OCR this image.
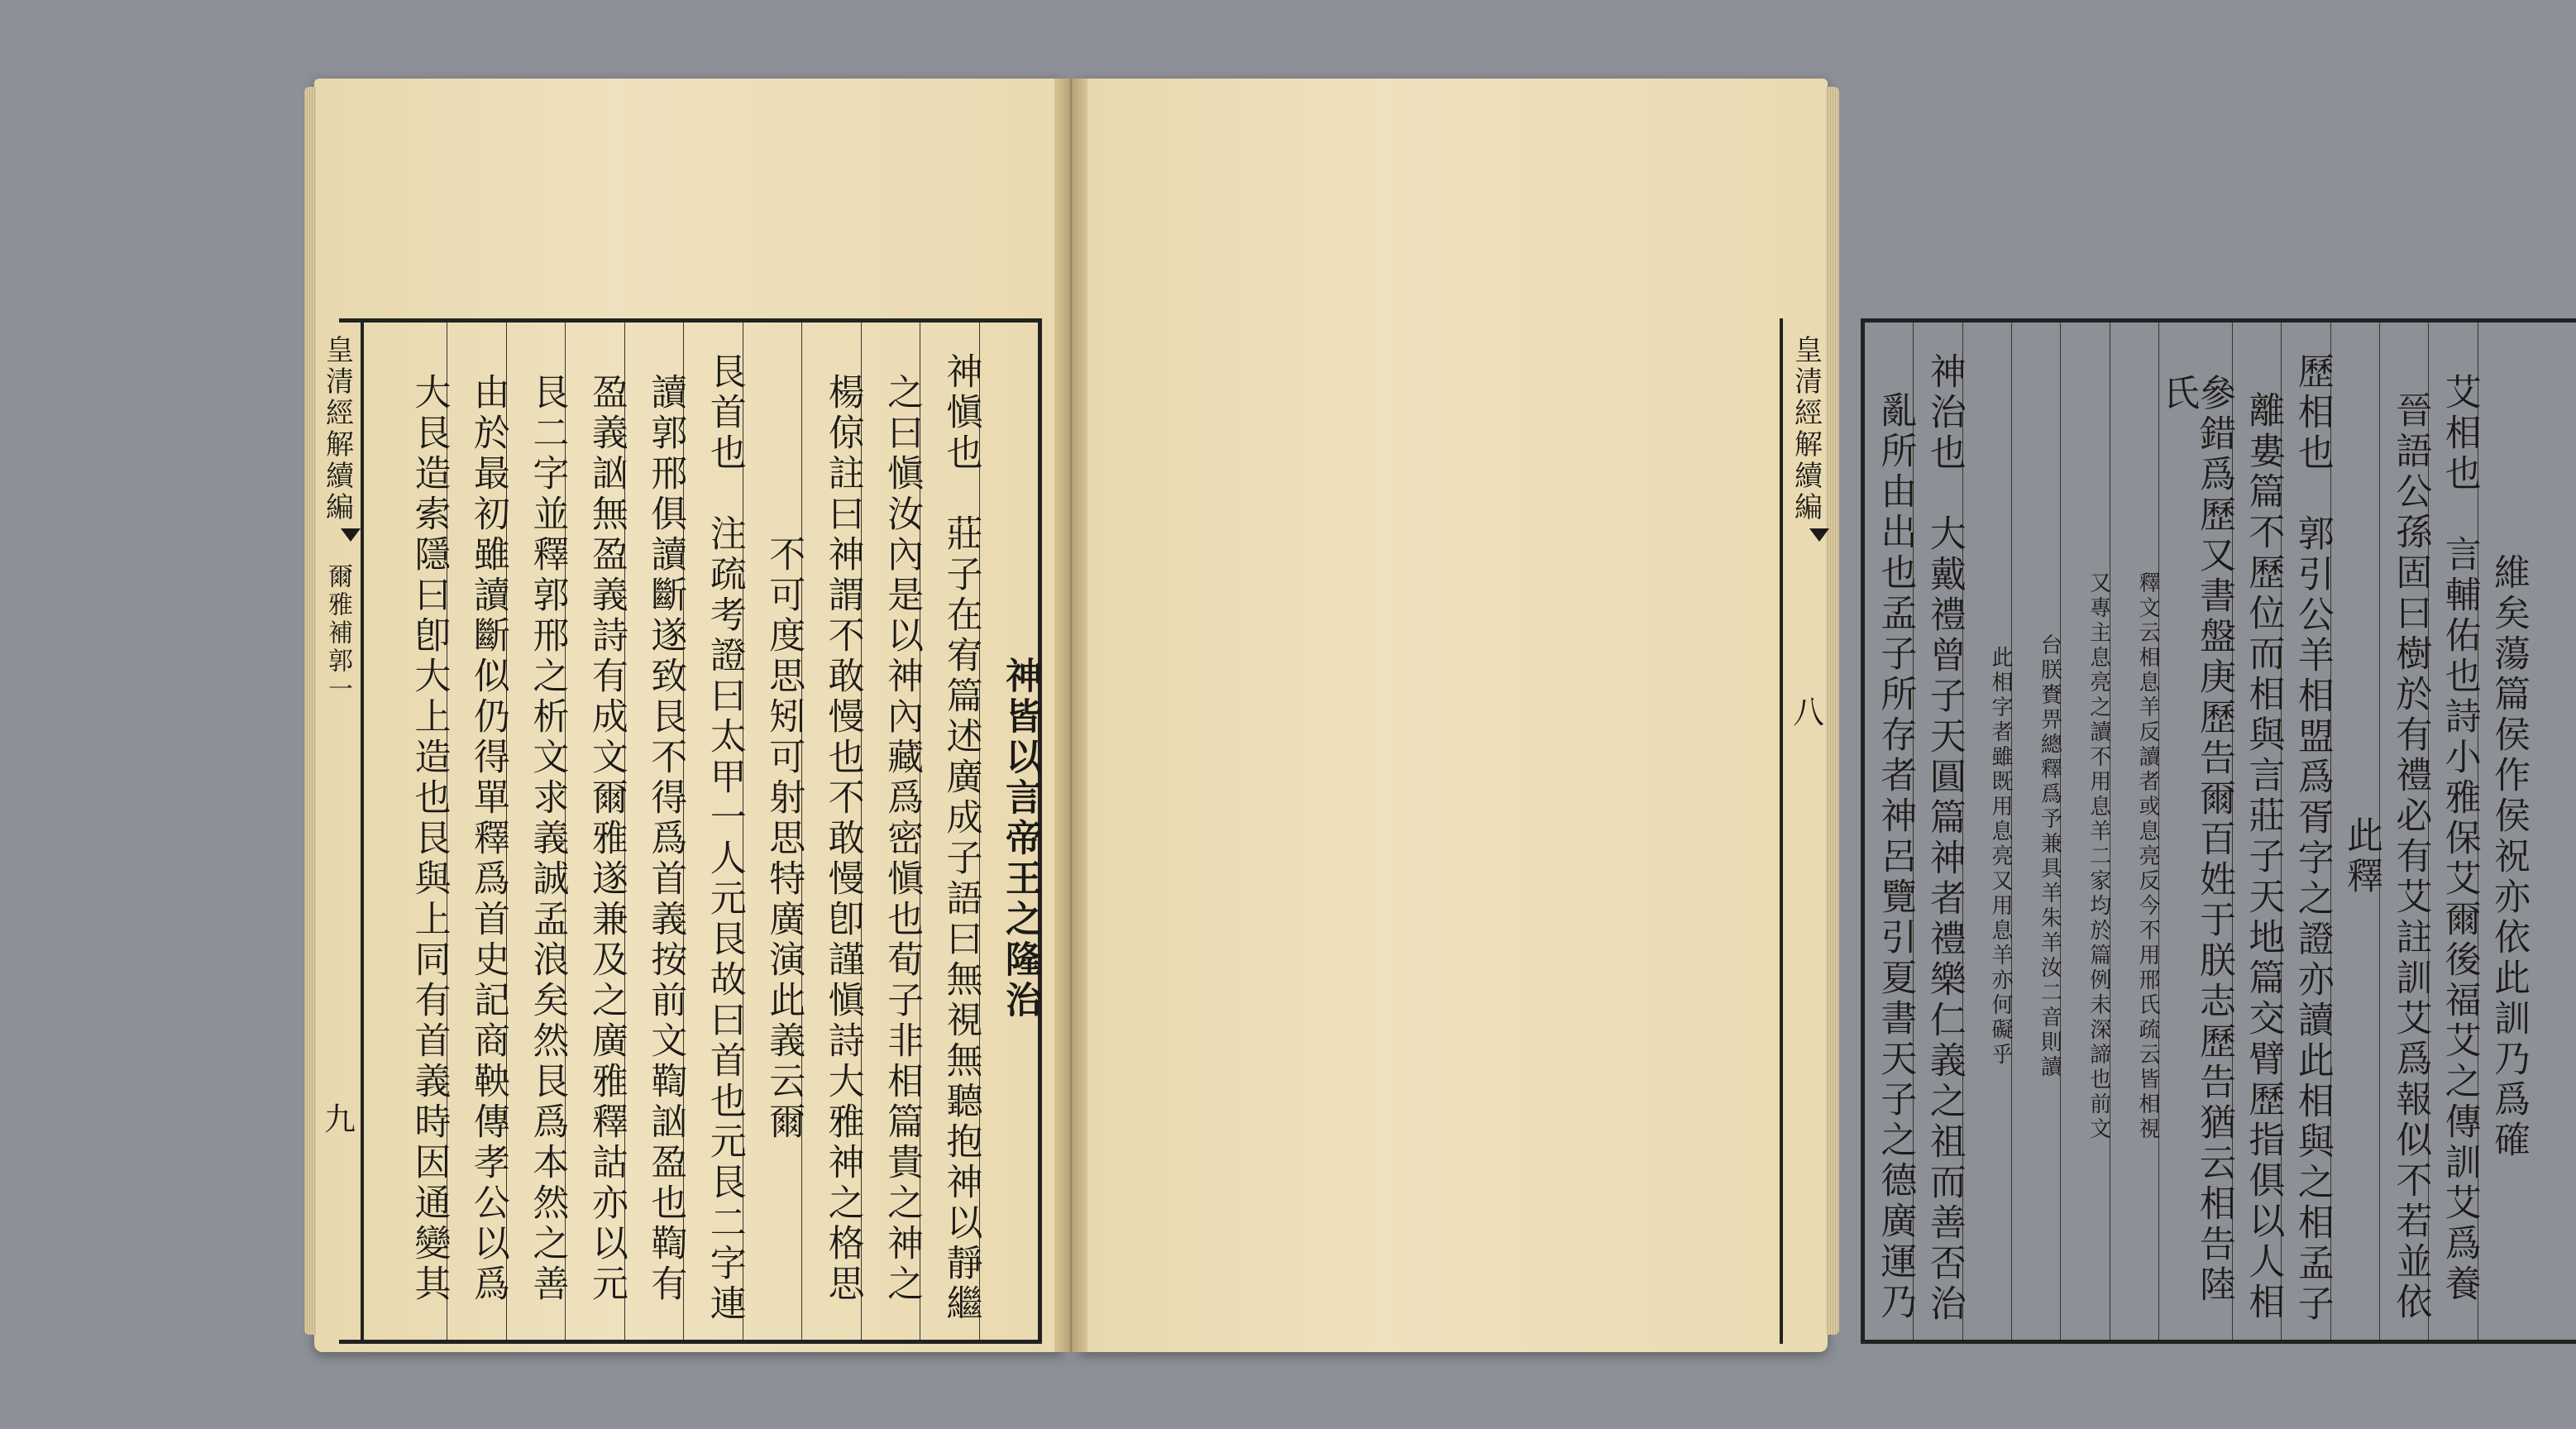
神皆以言帝王之隆治
神愼也　莊子在宥篇述廣成子語曰無視無聽抱神以靜繼
之曰愼汝內是以神內藏爲密愼也荀子非相篇貴之神之
楊倞註曰神謂不敢慢也不敢慢卽謹愼詩大雅神之格思
不可度思矧可射思特廣演此義云爾
艮首也　注疏考證曰太甲一人元艮故曰首也元艮二字連
讀郭邢俱讀斷遂致艮不得爲首義按前文鞫訩盈也鞫有
盈義訩無盈義詩有成文爾雅遂兼及之廣雅釋詁亦以元
艮二字並釋郭邢之析文求義誠孟浪矣然艮爲本然之善
由於最初雖讀斷似仍得單釋爲首史記商鞅傳孝公以爲
大艮造索隱曰卽大上造也艮與上同有首義時因通變其	維矣蕩篇侯作侯祝亦依此訓乃爲確
艾相也　言輔佑也詩小雅保艾爾後福艾之傳訓艾爲養
晉語公孫固曰樹於有禮必有艾註訓艾爲報似不若並依
此釋
歷相也　郭引公羊相盟爲胥字之證亦讀此相與之相孟子
離婁篇不歷位而相與言莊子天地篇交臂歷指俱以人相
參錯爲歷又書盤庚歷告爾百姓于朕志歷告猶云相告陸氏
釋文云相息羊反讀者或息亮反今不用邢氏疏云皆相視
又專主息亮之讀不用息羊二家均於篇例未深諦也前文
台朕賚畀總釋爲予兼具羊朱羊汝二音則讀
此相字者雖既用息亮又用息羊亦何礙乎
神治也　大戴禮曾子天圓篇神者禮樂仁義之祖而善否治
亂所由出也孟子所存者神呂覽引夏書天子之德廣運乃
皇清經解續編
爾雅補郭一
九
皇清經解續編
八
